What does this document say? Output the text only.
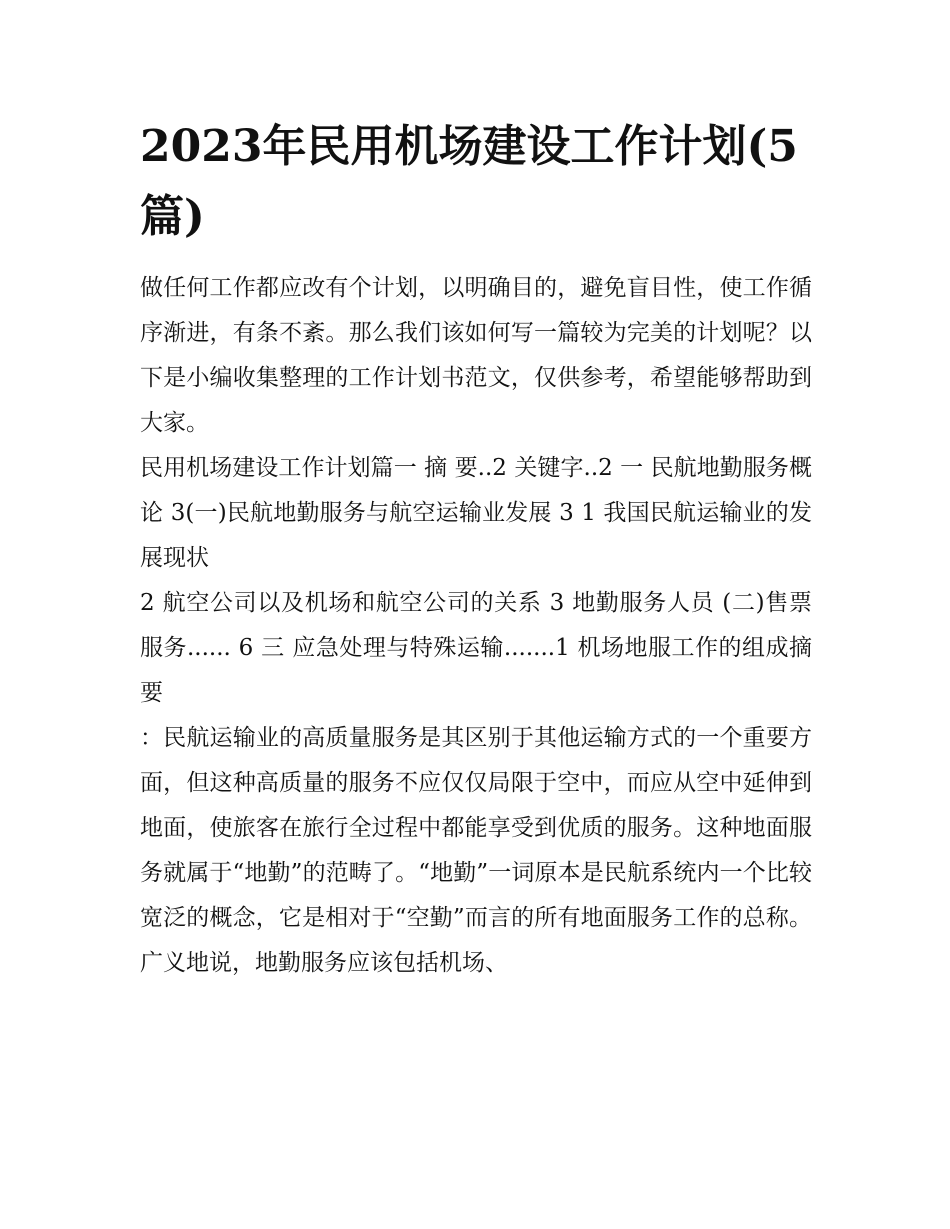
2023年民用机场建设工作计划(5篇)

做任何工作都应改有个计划，以明确目的，避免盲目性，使工作循序渐进，有条不紊。那么我们该如何写一篇较为完美的计划呢？以下是小编收集整理的工作计划书范文，仅供参考，希望能够帮助到大家。

民用机场建设工作计划篇一 摘 要..2 关键字..2 一 民航地勤服务概论 3(一)民航地勤服务与航空运输业发展 3 1 我国民航运输业的发展现状

2 航空公司以及机场和航空公司的关系 3 地勤服务人员 (二)售票服务...... 6 三 应急处理与特殊运输.......1 机场地服工作的组成摘 要

：民航运输业的高质量服务是其区别于其他运输方式的一个重要方面，但这种高质量的服务不应仅仅局限于空中，而应从空中延伸到地面，使旅客在旅行全过程中都能享受到优质的服务。这种地面服务就属于“地勤”的范畴了。“地勤”一词原本是民航系统内一个比较宽泛的概念，它是相对于“空勤”而言的所有地面服务工作的总称。广义地说，地勤服务应该包括机场、
